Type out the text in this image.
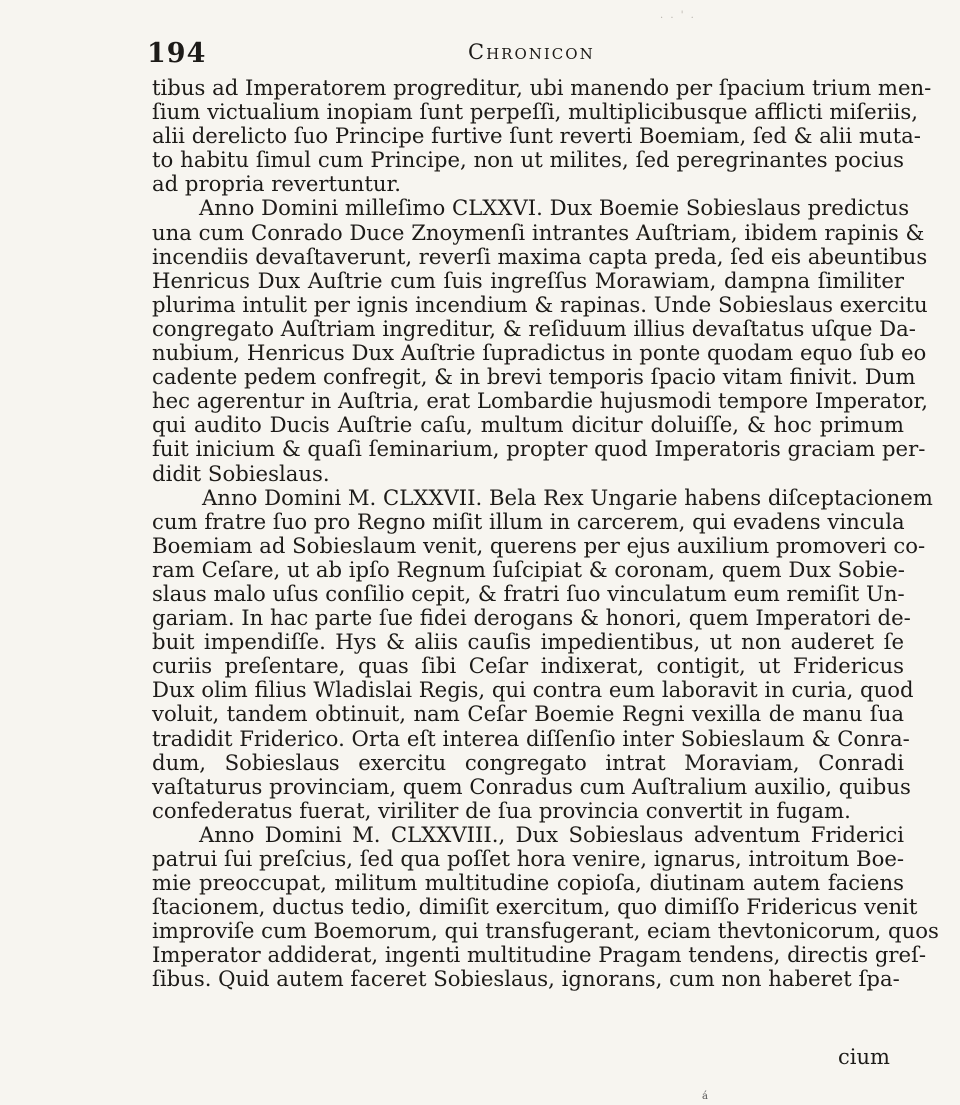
. . ' .
194	Chronicon
tibus ad Imperatorem progreditur, ubi manendo per ſpacium trium men‑
ſium victualium inopiam ſunt perpeſſi, multiplicibusque afflicti miſeriis,
alii derelicto ſuo Principe furtive ſunt reverti Boemiam, ſed & alii muta‑
to habitu ſimul cum Principe, non ut milites, ſed peregrinantes pocius
ad propria revertuntur.
Anno Domini milleſimo CLXXVI. Dux Boemie Sobieslaus predictus
una cum Conrado Duce Znoymenſi intrantes Auſtriam, ibidem rapinis &
incendiis devaſtaverunt, reverſi maxima capta preda, ſed eis abeuntibus
Henricus Dux Auſtrie cum ſuis ingreſſus Morawiam, dampna ſimiliter
plurima intulit per ignis incendium & rapinas. Unde Sobieslaus exercitu
congregato Auſtriam ingreditur, & reſiduum illius devaſtatus uſque Da‑
nubium, Henricus Dux Auſtrie ſupradictus in ponte quodam equo ſub eo
cadente pedem confregit, & in brevi temporis ſpacio vitam finivit. Dum
hec agerentur in Auſtria, erat Lombardie hujusmodi tempore Imperator,
qui audito Ducis Auſtrie caſu, multum dicitur doluiſſe, & hoc primum
fuit inicium & quaſi ſeminarium, propter quod Imperatoris graciam per‑
didit Sobieslaus.
Anno Domini M. CLXXVII. Bela Rex Ungarie habens diſceptacionem
cum fratre ſuo pro Regno miſit illum in carcerem, qui evadens vincula
Boemiam ad Sobieslaum venit, querens per ejus auxilium promoveri co‑
ram Ceſare, ut ab ipſo Regnum ſuſcipiat & coronam, quem Dux Sobie‑
slaus malo uſus conſilio cepit, & fratri ſuo vinculatum eum remiſit Un‑
gariam. In hac parte ſue fidei derogans & honori, quem Imperatori de‑
buit impendiſſe. Hys & aliis cauſis impedientibus, ut non auderet ſe
curiis preſentare, quas ſibi Ceſar indixerat, contigit, ut Fridericus
Dux olim filius Wladislai Regis, qui contra eum laboravit in curia, quod
voluit, tandem obtinuit, nam Ceſar Boemie Regni vexilla de manu ſua
tradidit Friderico. Orta eſt interea diſſenſio inter Sobieslaum & Conra‑
dum, Sobieslaus exercitu congregato intrat Moraviam, Conradi
vaſtaturus provinciam, quem Conradus cum Auſtralium auxilio, quibus
confederatus fuerat, viriliter de ſua provincia convertit in fugam.
Anno Domini M. CLXXVIII., Dux Sobieslaus adventum Friderici
patrui ſui preſcius, ſed qua poſſet hora venire, ignarus, introitum Boe‑
mie preoccupat, militum multitudine copioſa, diutinam autem faciens
ſtacionem, ductus tedio, dimiſit exercitum, quo dimiſſo Fridericus venit
improviſe cum Boemorum, qui transfugerant, eciam thevtonicorum, quos
Imperator addiderat, ingenti multitudine Pragam tendens, directis greſ‑
ſibus. Quid autem faceret Sobieslaus, ignorans, cum non haberet ſpa‑
cium
á
